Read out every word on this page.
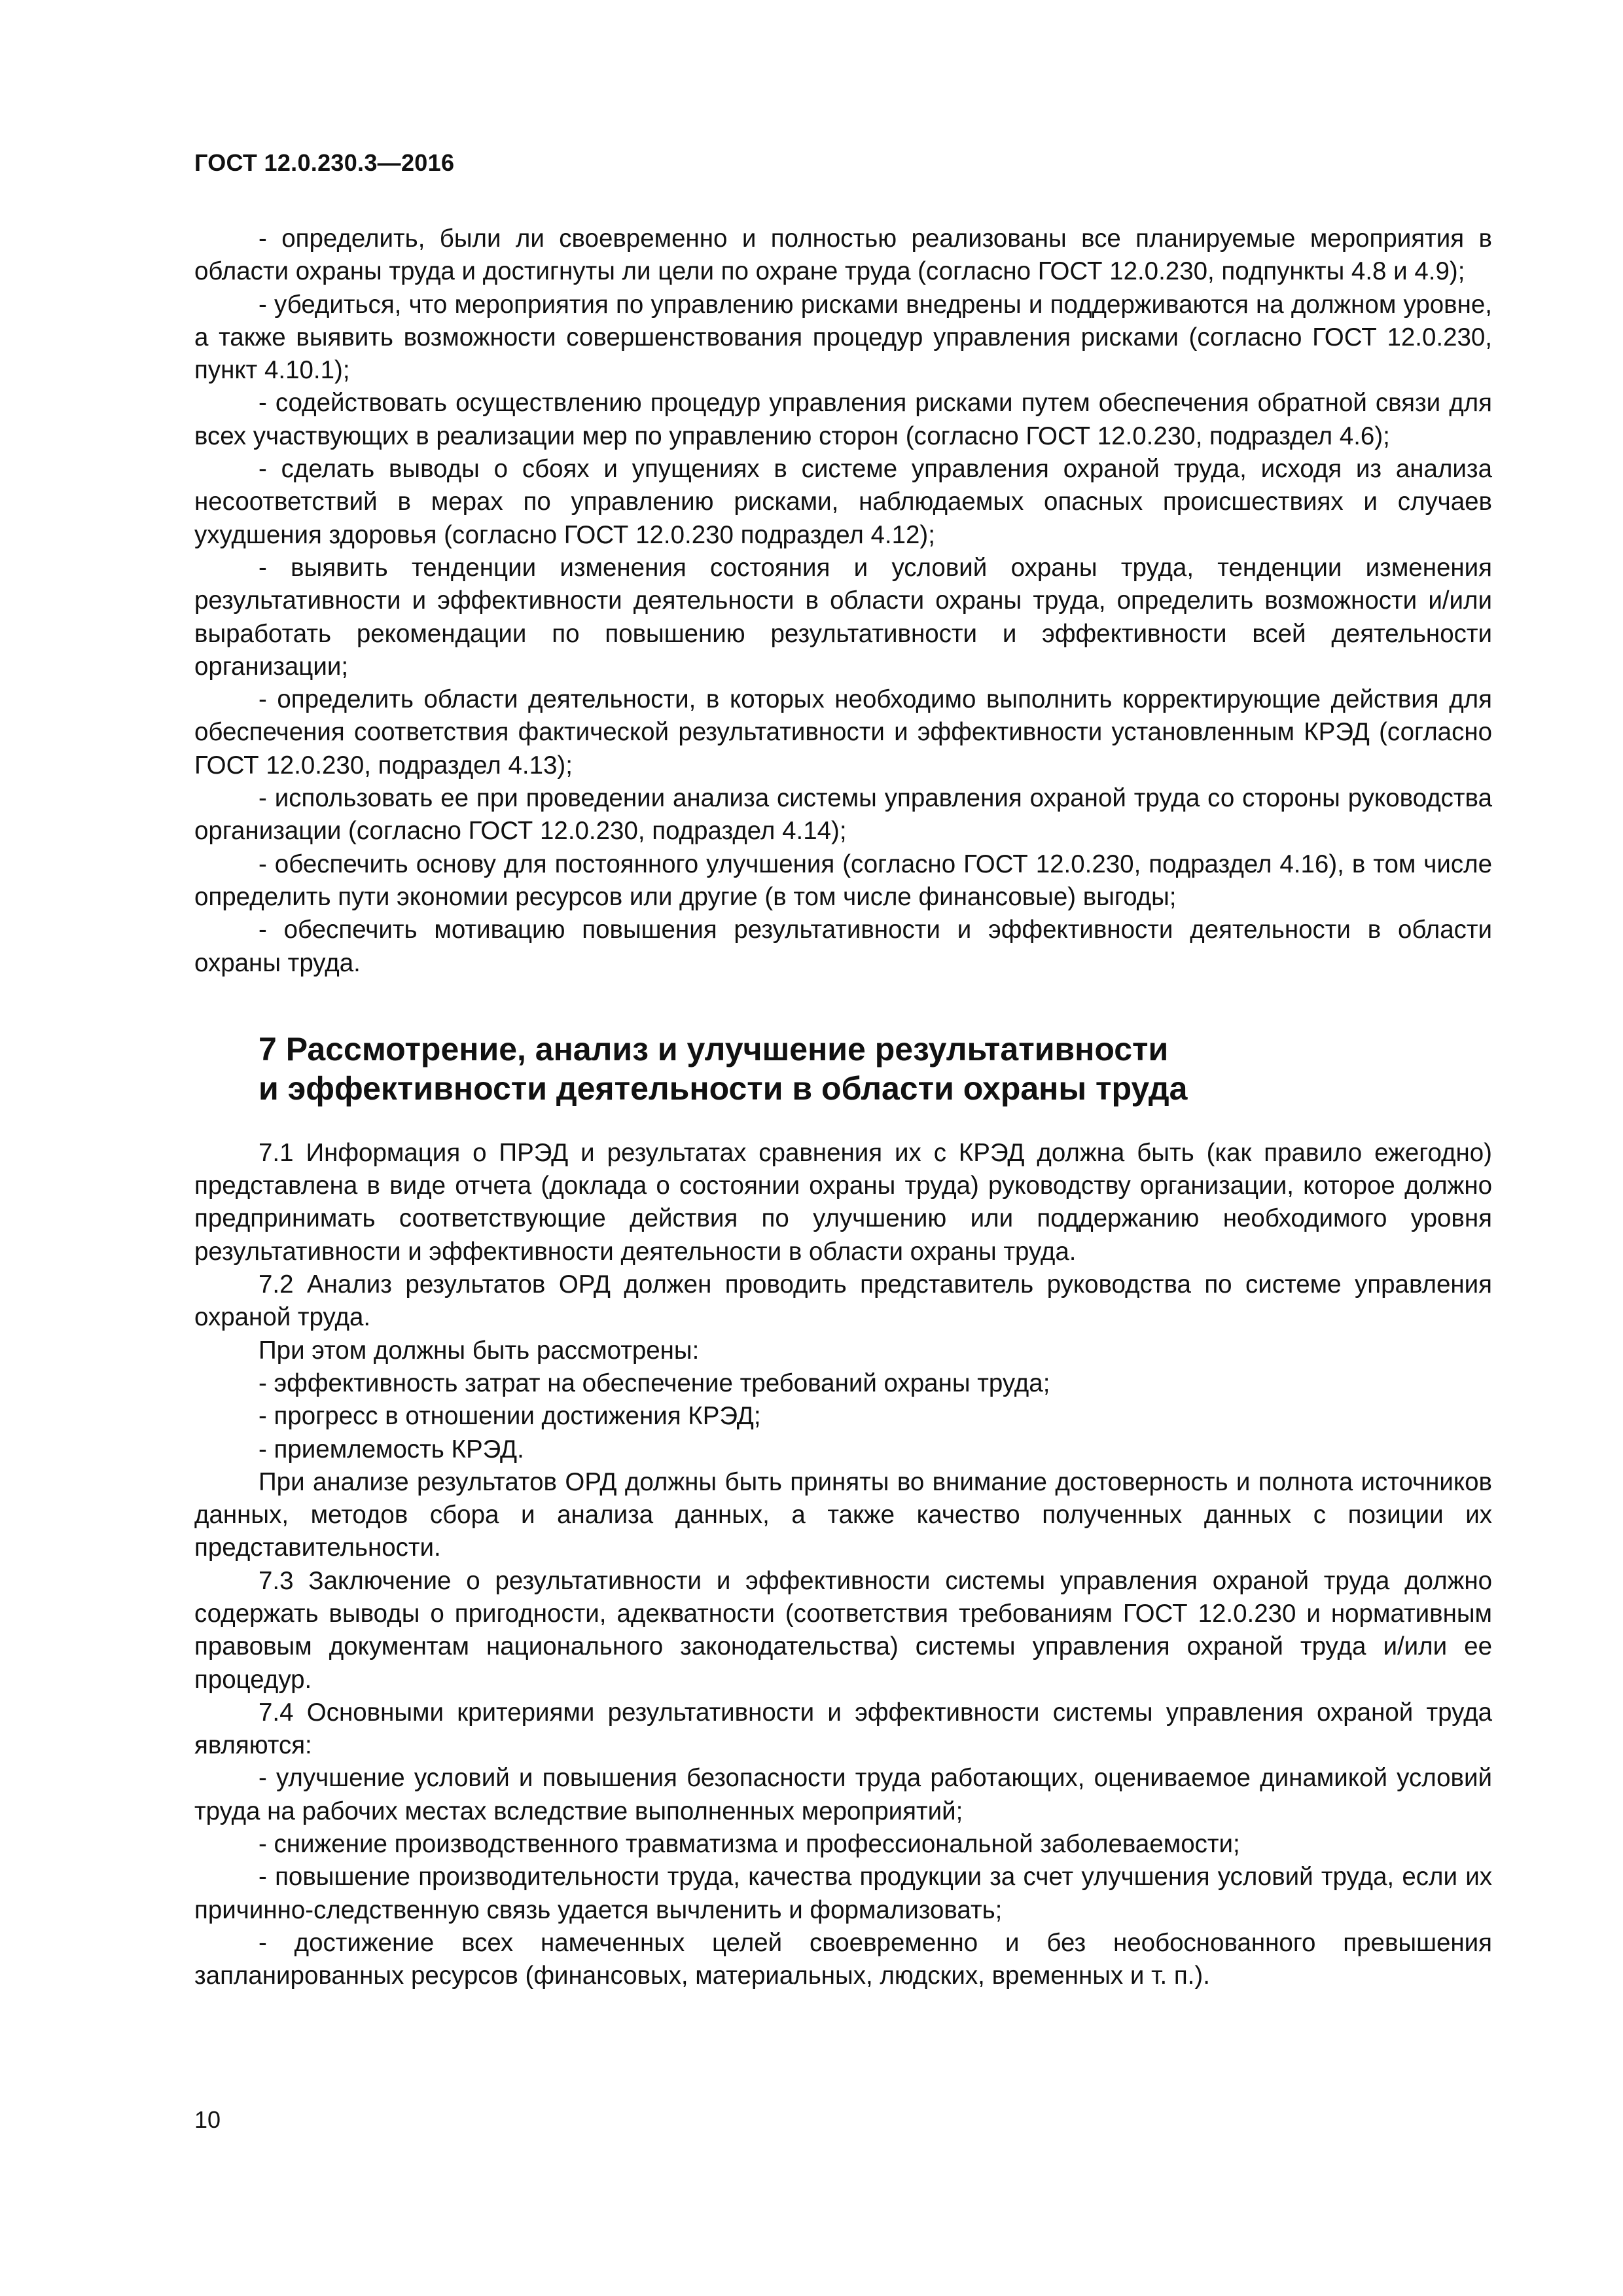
ГОСТ 12.0.230.3—2016

- определить, были ли своевременно и полностью реализованы все планируемые мероприятия в области охраны труда и достигнуты ли цели по охране труда (согласно ГОСТ 12.0.230, подпункты 4.8 и 4.9);

- убедиться, что мероприятия по управлению рисками внедрены и поддерживаются на должном уровне, а также выявить возможности совершенствования процедур управления рисками (согласно ГОСТ 12.0.230, пункт 4.10.1);

- содействовать осуществлению процедур управления рисками путем обеспечения обратной связи для всех участвующих в реализации мер по управлению сторон (согласно ГОСТ 12.0.230, подраздел 4.6);

- сделать выводы о сбоях и упущениях в системе управления охраной труда, исходя из анализа несоответствий в мерах по управлению рисками, наблюдаемых опасных происшествиях и случаев ухудшения здоровья (согласно ГОСТ 12.0.230 подраздел 4.12);

- выявить тенденции изменения состояния и условий охраны труда, тенденции изменения результативности и эффективности деятельности в области охраны труда, определить возможности и/или выработать рекомендации по повышению результативности и эффективности всей деятельности организации;

- определить области деятельности, в которых необходимо выполнить корректирующие действия для обеспечения соответствия фактической результативности и эффективности установленным КРЭД (согласно ГОСТ 12.0.230, подраздел 4.13);

- использовать ее при проведении анализа системы управления охраной труда со стороны руководства организации (согласно ГОСТ 12.0.230, подраздел 4.14);

- обеспечить основу для постоянного улучшения (согласно ГОСТ 12.0.230, подраздел 4.16), в том числе определить пути экономии ресурсов или другие (в том числе финансовые) выгоды;

- обеспечить мотивацию повышения результативности и эффективности деятельности в области охраны труда.

7 Рассмотрение, анализ и улучшение результативности
и эффективности деятельности в области охраны труда

7.1 Информация о ПРЭД и результатах сравнения их с КРЭД должна быть (как правило ежегодно) представлена в виде отчета (доклада о состоянии охраны труда) руководству организации, которое должно предпринимать соответствующие действия по улучшению или поддержанию необходимого уровня результативности и эффективности деятельности в области охраны труда.

7.2 Анализ результатов ОРД должен проводить представитель руководства по системе управления охраной труда.

При этом должны быть рассмотрены:

- эффективность затрат на обеспечение требований охраны труда;

- прогресс в отношении достижения КРЭД;

- приемлемость КРЭД.

При анализе результатов ОРД должны быть приняты во внимание достоверность и полнота источников данных, методов сбора и анализа данных, а также качество полученных данных с позиции их представительности.

7.3 Заключение о результативности и эффективности системы управления охраной труда должно содержать выводы о пригодности, адекватности (соответствия требованиям ГОСТ 12.0.230 и нормативным правовым документам национального законодательства) системы управления охраной труда и/или ее процедур.

7.4 Основными критериями результативности и эффективности системы управления охраной труда являются:

- улучшение условий и повышения безопасности труда работающих, оцениваемое динамикой условий труда на рабочих местах вследствие выполненных мероприятий;

- снижение производственного травматизма и профессиональной заболеваемости;

- повышение производительности труда, качества продукции за счет улучшения условий труда, если их причинно-следственную связь удается вычленить и формализовать;

- достижение всех намеченных целей своевременно и без необоснованного превышения запланированных ресурсов (финансовых, материальных, людских, временных и т. п.).

10
